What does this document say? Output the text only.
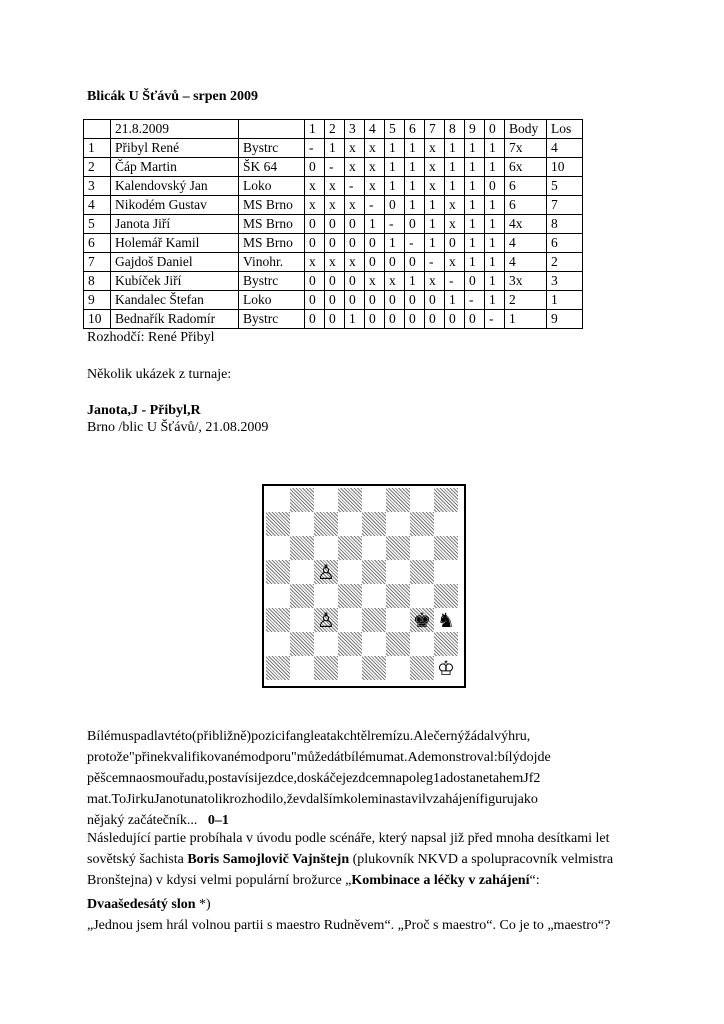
Blicák U Šťávů – srpen 2009
	21.8.2009		1	2	3	4	5	6	7	8	9	0	Body	Los
1	Přibyl René	Bystrc	-	1	x	x	1	1	x	1	1	1	7x	4
2	Čáp Martin	ŠK 64	0	-	x	x	1	1	x	1	1	1	6x	10
3	Kalendovský Jan	Loko	x	x	-	x	1	1	x	1	1	0	6	5
4	Nikodém Gustav	MS Brno	x	x	x	-	0	1	1	x	1	1	6	7
5	Janota Jiří	MS Brno	0	0	0	1	-	0	1	x	1	1	4x	8
6	Holemář Kamil	MS Brno	0	0	0	0	1	-	1	0	1	1	4	6
7	Gajdoš Daniel	Vinohr.	x	x	x	0	0	0	-	x	1	1	4	2
8	Kubíček Jiří	Bystrc	0	0	0	x	x	1	x	-	0	1	3x	3
9	Kandalec Štefan	Loko	0	0	0	0	0	0	0	1	-	1	2	1
10	Bednařík Radomír	Bystrc	0	0	1	0	0	0	0	0	0	-	1	9
Rozhodčí: René Přibyl
Několik ukázek z turnaje:
Janota,J - Přibyl,R
Brno /blic U Šťávů/, 21.08.2009
♙
♙	♚ ♞
♔
Bílémuspadlavtéto(přibližně)pozicifangleatakchtělremízu.Alečernýžádalvýhru,
protože"přinekvalifikovanémodporu"můžedátbílémumat.Ademonstroval:bílýdojde
pěšcemnaosmouřadu,postavísijezdce,doskáčejezdcemnapoleg1adostanetahemJf2
mat.ToJirkuJanotunatolikrozhodilo,ževdalšímkoleminastavilvzahájenífigurujako
nějaký začátečník... 0–1
Následující partie probíhala v úvodu podle scénáře, který napsal již před mnoha desítkami let
sovětský šachista Boris Samojlovič Vajnštejn (plukovník NKVD a spolupracovník velmistra
Bronštejna) v kdysi velmi populární brožurce „Kombinace a léčky v zahájení“:
Dvaašedesátý slon *)
„Jednou jsem hrál volnou partii s maestro Rudněvem“. „Proč s maestro“. Co je to „maestro“?
